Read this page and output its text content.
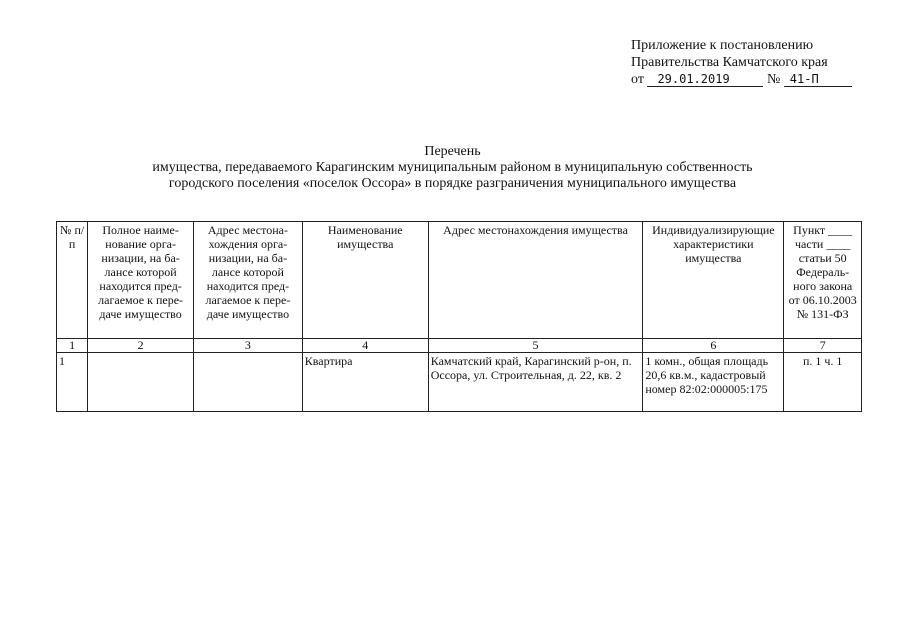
Приложение к постановлению
Правительства Камчатского края
от 29.01.2019	№ 41-П
Перечень
имущества, передаваемого Карагинским муниципальным районом в муниципальную собственность
городского поселения «поселок Оссора» в порядке разграничения муниципального имущества
№ п/п	Полное наиме-нование орга-низации, на ба-лансе которой находится пред-лагаемое к пере-даче имущество	Адрес местона-хождения орга-низации, на ба-лансе которой находится пред-лагаемое к пере-даче имущество	Наименование имущества	Адрес местонахождения имущества	Индивидуализирующие характеристики имущества	Пункт ____ части ____ статьи 50 Федераль-ного закона от 06.10.2003 № 131-ФЗ
1	2	3	4	5	6	7
1			Квартира	Камчатский край, Карагинский р-он, п. Оссора, ул. Строительная, д. 22, кв. 2	1 комн., общая площадь 20,6 кв.м., кадастровый номер 82:02:000005:175	п. 1 ч. 1
